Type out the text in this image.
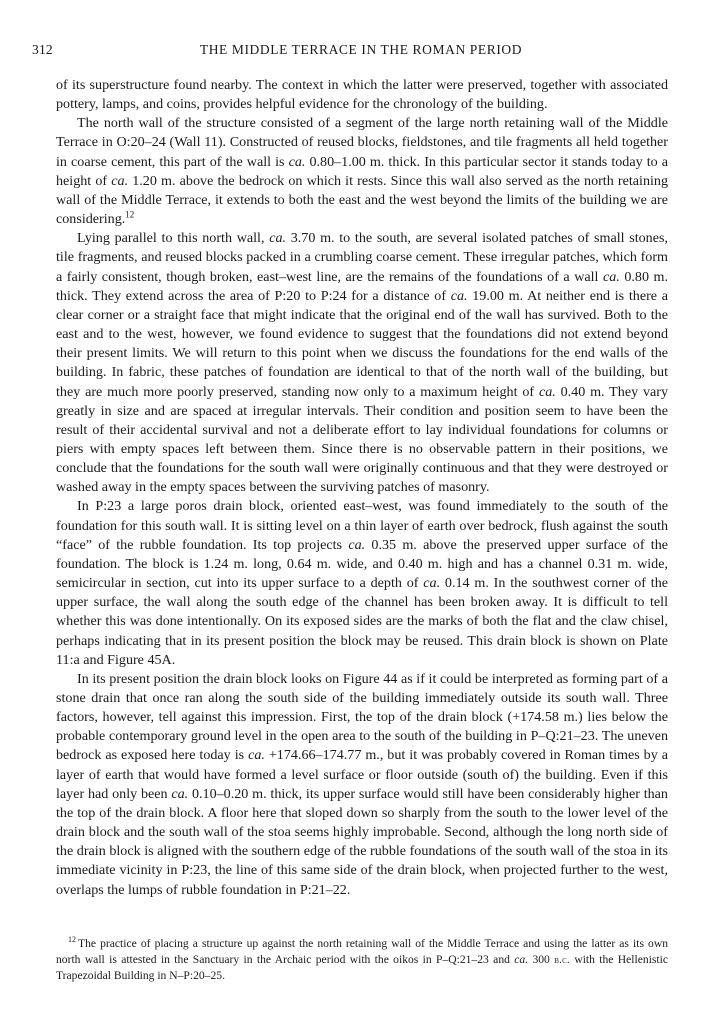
312	THE MIDDLE TERRACE IN THE ROMAN PERIOD

of its superstructure found nearby. The context in which the latter were preserved, together with associated pottery, lamps, and coins, provides helpful evidence for the chronology of the building.

The north wall of the structure consisted of a segment of the large north retaining wall of the Middle Terrace in O:20–24 (Wall 11). Constructed of reused blocks, fieldstones, and tile fragments all held together in coarse cement, this part of the wall is ca. 0.80–1.00 m. thick. In this particular sector it stands today to a height of ca. 1.20 m. above the bedrock on which it rests. Since this wall also served as the north retaining wall of the Middle Terrace, it extends to both the east and the west beyond the limits of the building we are considering.$^{12}$

Lying parallel to this north wall, ca. 3.70 m. to the south, are several isolated patches of small stones, tile fragments, and reused blocks packed in a crumbling coarse cement. These irregular patches, which form a fairly consistent, though broken, east–west line, are the remains of the foundations of a wall ca. 0.80 m. thick. They extend across the area of P:20 to P:24 for a distance of ca. 19.00 m. At neither end is there a clear corner or a straight face that might indicate that the original end of the wall has survived. Both to the east and to the west, however, we found evidence to suggest that the foundations did not extend beyond their present limits. We will return to this point when we discuss the foundations for the end walls of the building. In fabric, these patches of foundation are identical to that of the north wall of the building, but they are much more poorly preserved, standing now only to a maximum height of ca. 0.40 m. They vary greatly in size and are spaced at irregular intervals. Their condition and position seem to have been the result of their accidental survival and not a deliberate effort to lay individual foundations for columns or piers with empty spaces left between them. Since there is no observable pattern in their positions, we conclude that the foundations for the south wall were originally continuous and that they were destroyed or washed away in the empty spaces between the surviving patches of masonry.

In P:23 a large poros drain block, oriented east–west, was found immediately to the south of the foundation for this south wall. It is sitting level on a thin layer of earth over bedrock, flush against the south “face” of the rubble foundation. Its top projects ca. 0.35 m. above the preserved upper surface of the foundation. The block is 1.24 m. long, 0.64 m. wide, and 0.40 m. high and has a channel 0.31 m. wide, semicircular in section, cut into its upper surface to a depth of ca. 0.14 m. In the southwest corner of the upper surface, the wall along the south edge of the channel has been broken away. It is difficult to tell whether this was done intentionally. On its exposed sides are the marks of both the flat and the claw chisel, perhaps indicating that in its present position the block may be reused. This drain block is shown on Plate 11:a and Figure 45A.

In its present position the drain block looks on Figure 44 as if it could be interpreted as forming part of a stone drain that once ran along the south side of the building immediately outside its south wall. Three factors, however, tell against this impression. First, the top of the drain block (+174.58 m.) lies below the probable contemporary ground level in the open area to the south of the building in P–Q:21–23. The uneven bedrock as exposed here today is ca. +174.66–174.77 m., but it was probably covered in Roman times by a layer of earth that would have formed a level surface or floor outside (south of) the building. Even if this layer had only been ca. 0.10–0.20 m. thick, its upper surface would still have been considerably higher than the top of the drain block. A floor here that sloped down so sharply from the south to the lower level of the drain block and the south wall of the stoa seems highly improbable. Second, although the long north side of the drain block is aligned with the southern edge of the rubble foundations of the south wall of the stoa in its immediate vicinity in P:23, the line of this same side of the drain block, when projected further to the west, overlaps the lumps of rubble foundation in P:21–22.

$^{12}$ The practice of placing a structure up against the north retaining wall of the Middle Terrace and using the latter as its own north wall is attested in the Sanctuary in the Archaic period with the oikos in P–Q:21–23 and ca. 300 b.c. with the Hellenistic Trapezoidal Building in N–P:20–25.
